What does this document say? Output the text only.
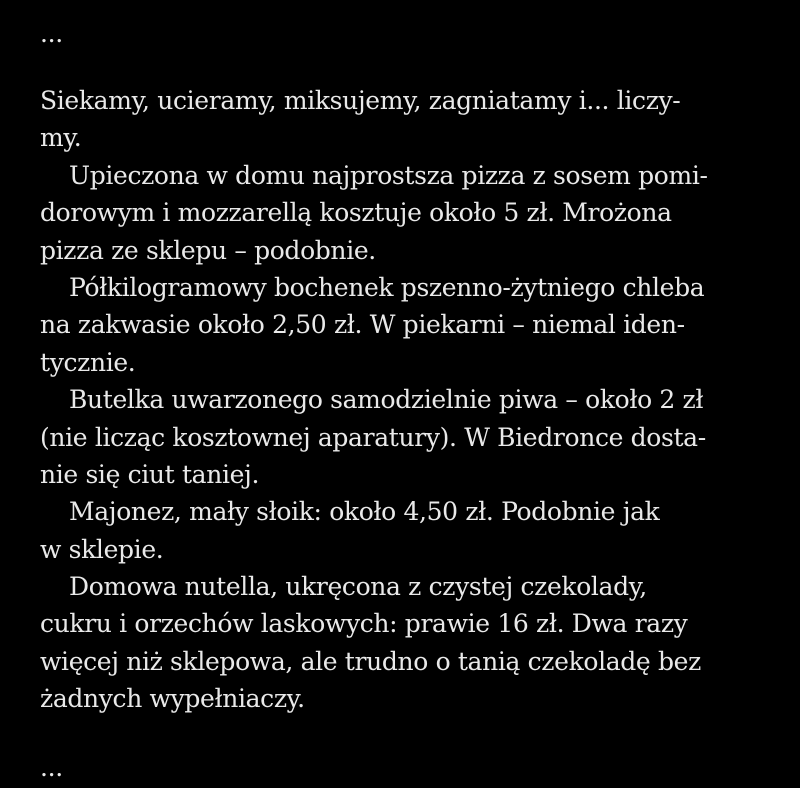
...
Siekamy, ucieramy, miksujemy, zagniatamy i... liczy-
my.
Upieczona w domu najprostsza pizza z sosem pomi-
dorowym i mozzarellą kosztuje około 5 zł. Mrożona
pizza ze sklepu – podobnie.
Półkilogramowy bochenek pszenno-żytniego chleba
na zakwasie około 2,50 zł. W piekarni – niemal iden-
tycznie.
Butelka uwarzonego samodzielnie piwa – około 2 zł
(nie licząc kosztownej aparatury). W Biedronce dosta-
nie się ciut taniej.
Majonez, mały słoik: około 4,50 zł. Podobnie jak
w sklepie.
Domowa nutella, ukręcona z czystej czekolady,
cukru i orzechów laskowych: prawie 16 zł. Dwa razy
więcej niż sklepowa, ale trudno o tanią czekoladę bez
żadnych wypełniaczy.
...
